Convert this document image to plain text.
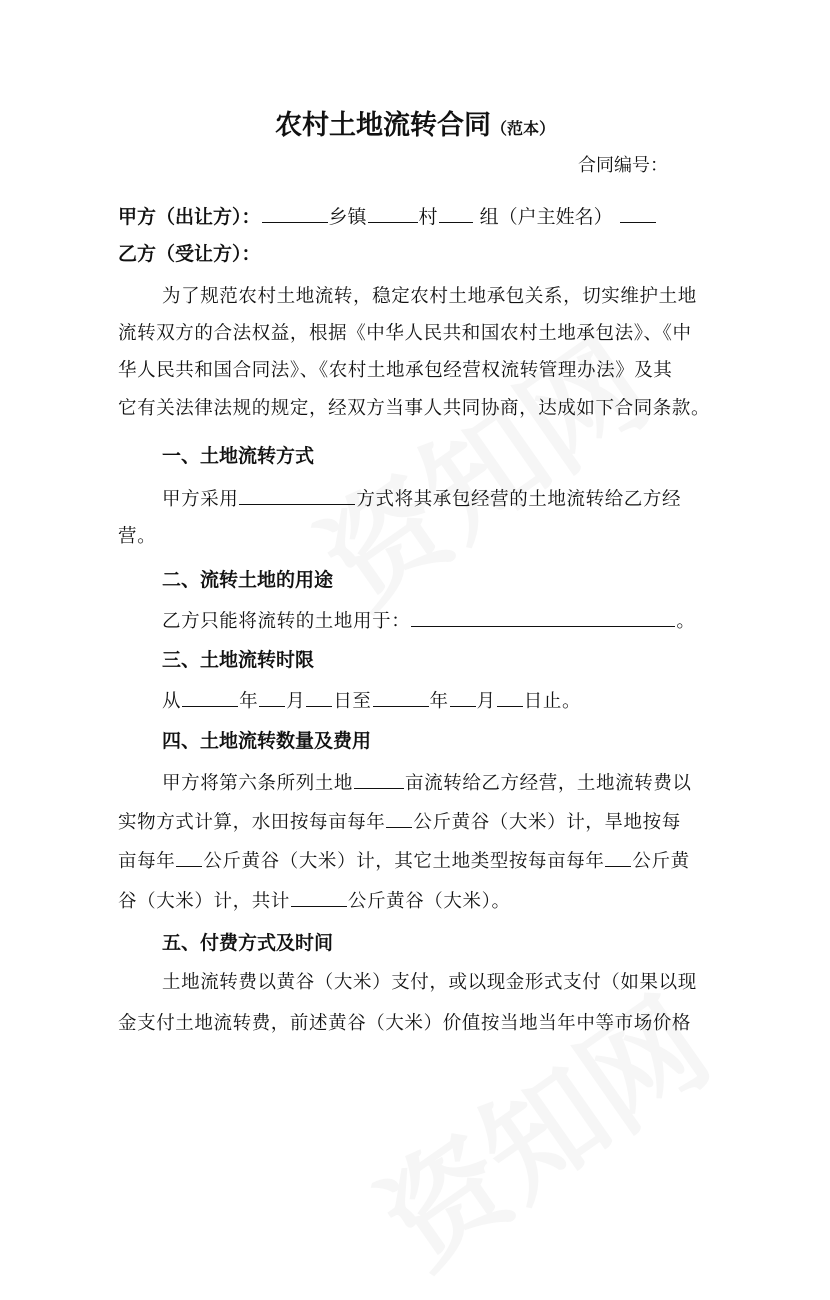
农村土地流转合同（范本）
合同编号：
甲方（出让方）：	乡镇	村 组（户主姓名）
乙方（受让方）：
为了规范农村土地流转，稳定农村土地承包关系，切实维护土地
流转双方的合法权益，根据《中华人民共和国农村土地承包法》、《中
华人民共和国合同法》、《农村土地承包经营权流转管理办法》及其
它有关法律法规的规定，经双方当事人共同协商，达成如下合同条款。
一、土地流转方式
甲方采用	方式将其承包经营的土地流转给乙方经
营。
二、流转土地的用途
乙方只能将流转的土地用于：	。
三、土地流转时限
从	年 月 日至	年 月 日止。
四、土地流转数量及费用
甲方将第六条所列土地	亩流转给乙方经营，土地流转费以
实物方式计算，水田按每亩每年 公斤黄谷（大米）计，旱地按每
亩每年 公斤黄谷（大米）计，其它土地类型按每亩每年 公斤黄
谷（大米）计，共计	公斤黄谷（大米）。
五、付费方式及时间
土地流转费以黄谷（大米）支付，或以现金形式支付（如果以现
金支付土地流转费，前述黄谷（大米）价值按当地当年中等市场价格
